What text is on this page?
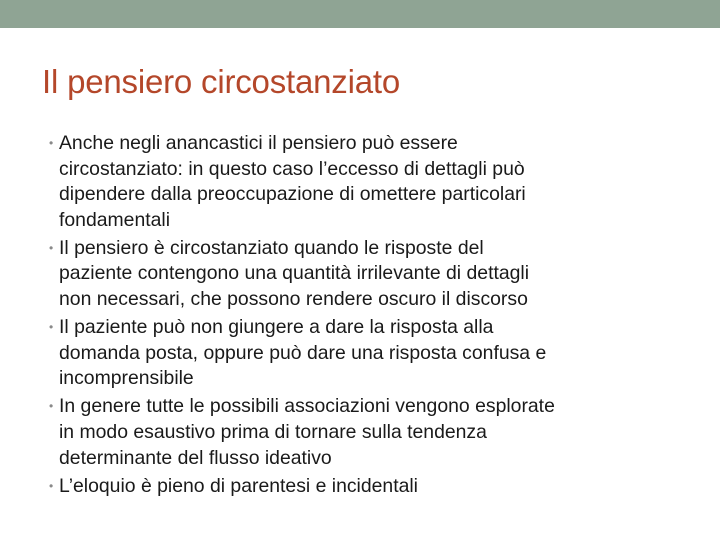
Il pensiero circostanziato
• Anche negli anancastici il pensiero può essere
circostanziato: in questo caso l’eccesso di dettagli può
dipendere dalla preoccupazione di omettere particolari
fondamentali
• Il pensiero è circostanziato quando le risposte del
paziente contengono una quantità irrilevante di dettagli
non necessari, che possono rendere oscuro il discorso
• Il paziente può non giungere a dare la risposta alla
domanda posta, oppure può dare una risposta confusa e
incomprensibile
• In genere tutte le possibili associazioni vengono esplorate
in modo esaustivo prima di tornare sulla tendenza
determinante del flusso ideativo
• L’eloquio è pieno di parentesi e incidentali
